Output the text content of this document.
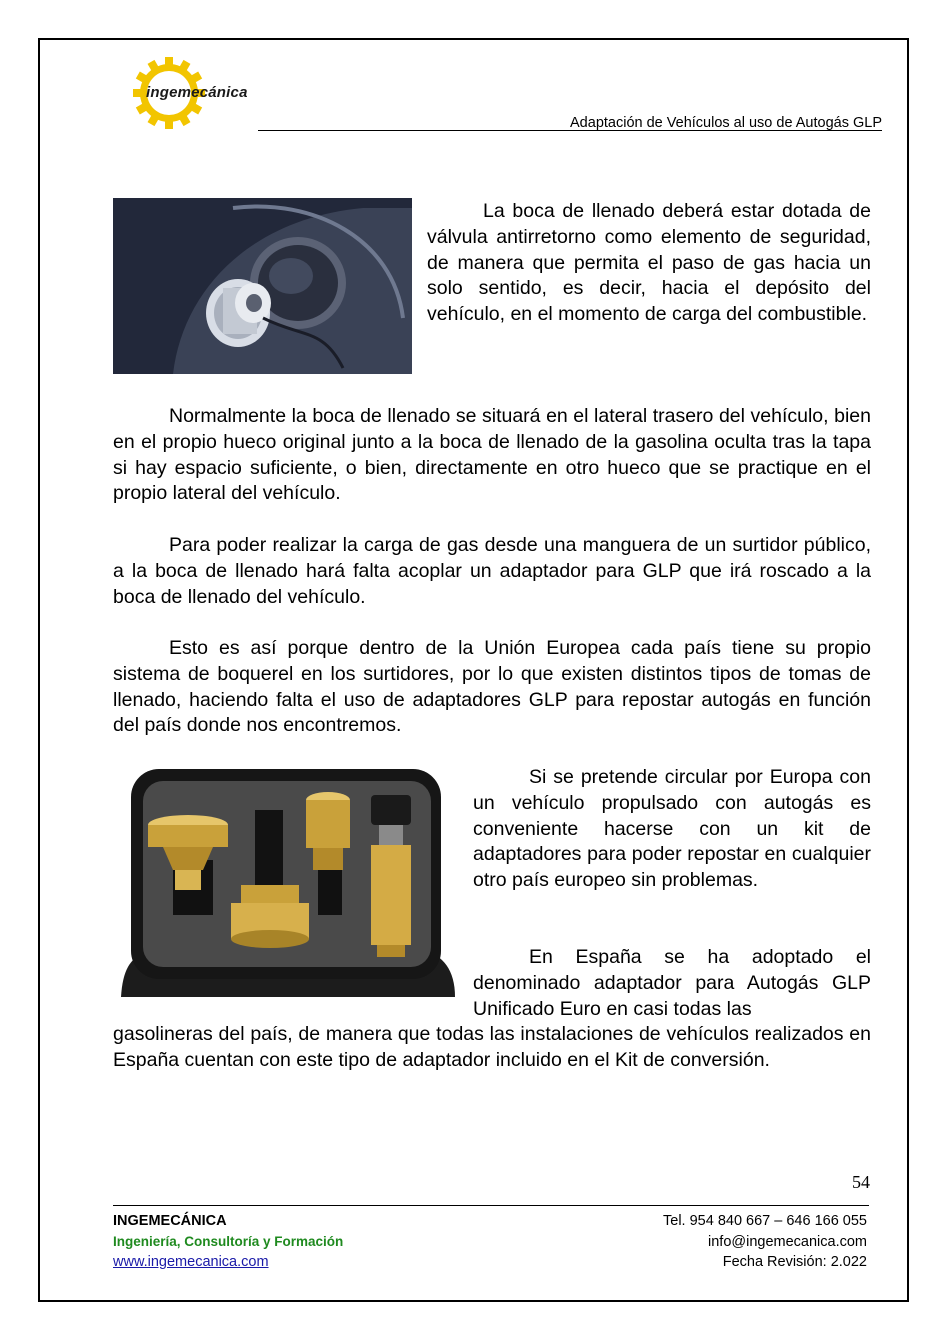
ingemecánica
Adaptación de Vehículos al uso de Autogás GLP
La boca de llenado deberá estar dotada de válvula antirretorno como elemento de seguridad, de manera que permita el paso de gas hacia un solo sentido, es decir, hacia el depósito del vehículo, en el momento de carga del combustible.
Normalmente la boca de llenado se situará en el lateral trasero del vehículo, bien en el propio hueco original junto a la boca de llenado de la gasolina oculta tras la tapa si hay espacio suficiente, o bien, directamente en otro hueco que se practique en el propio lateral del vehículo.
Para poder realizar la carga de gas desde una manguera de un surtidor público, a la boca de llenado hará falta acoplar un adaptador para GLP que irá roscado a la boca de llenado del vehículo.
Esto es así porque dentro de la Unión Europea cada país tiene su propio sistema de boquerel en los surtidores, por lo que existen distintos tipos de tomas de llenado, haciendo falta el uso de adaptadores GLP para repostar autogás en función del país donde nos encontremos.
Si se pretende circular por Europa con un vehículo propulsado con autogás es conveniente hacerse con un kit de adaptadores para poder repostar en cualquier otro país europeo sin problemas.
En España se ha adoptado el denominado adaptador para Autogás GLP Unificado Euro en casi todas las
gasolineras del país, de manera que todas las instalaciones de vehículos realizados en España cuentan con este tipo de adaptador incluido en el Kit de conversión.
54
INGEMECÁNICA
Ingeniería, Consultoría y Formación
www.ingemecanica.com
Tel. 954 840 667 – 646 166 055
info@ingemecanica.com
Fecha Revisión: 2.022
